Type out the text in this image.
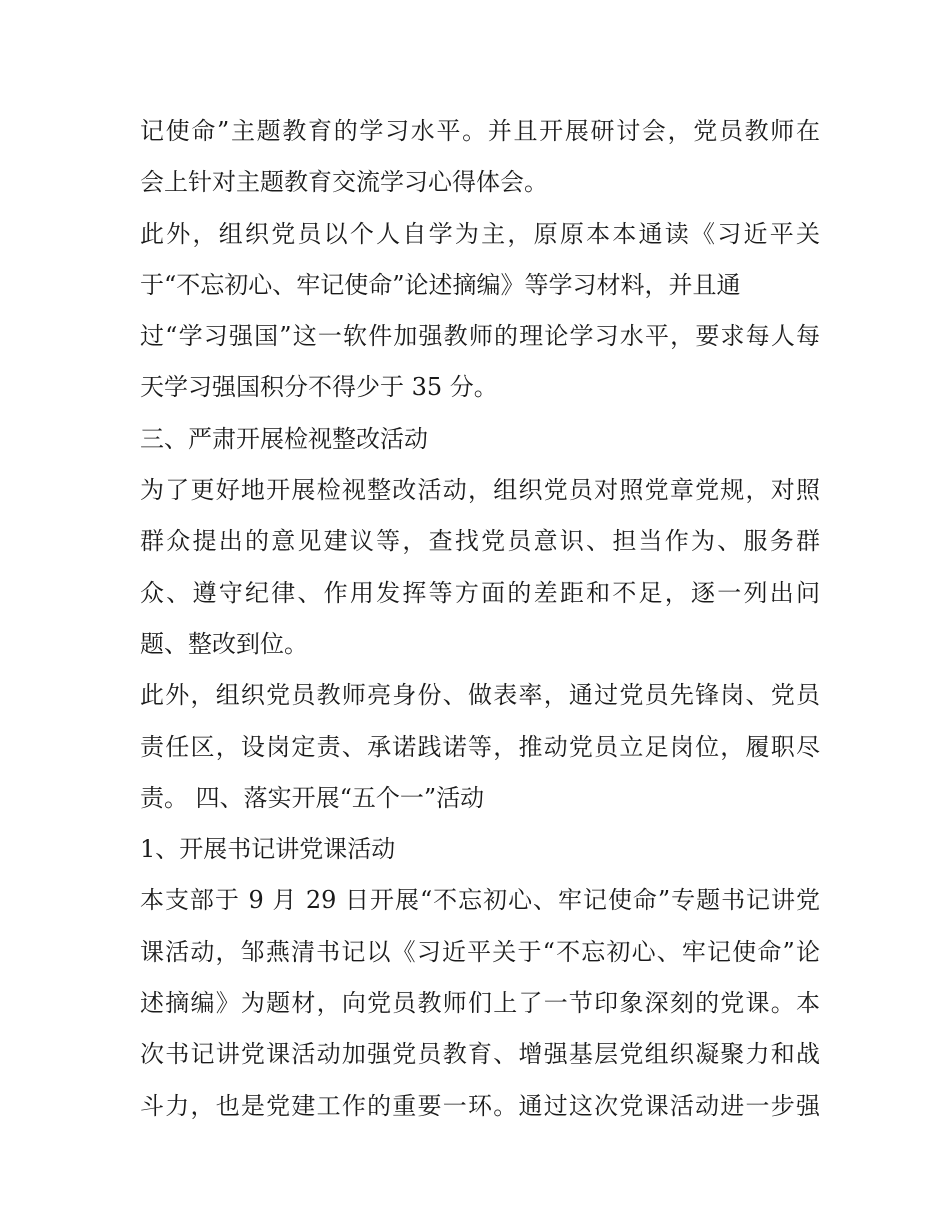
记使命”主题教育的学习水平。并且开展研讨会，党员教师在
会上针对主题教育交流学习心得体会。
此外，组织党员以个人自学为主，原原本本通读《习近平关
于“不忘初心、牢记使命”论述摘编》等学习材料，并且通
过“学习强国”这一软件加强教师的理论学习水平，要求每人每
天学习强国积分不得少于 35 分。
三、严肃开展检视整改活动
为了更好地开展检视整改活动，组织党员对照党章党规，对照
群众提出的意见建议等，查找党员意识、担当作为、服务群
众、遵守纪律、作用发挥等方面的差距和不足，逐一列出问
题、整改到位。
此外，组织党员教师亮身份、做表率，通过党员先锋岗、党员
责任区，设岗定责、承诺践诺等，推动党员立足岗位，履职尽
责。 四、落实开展“五个一”活动
1、开展书记讲党课活动
本支部于 9 月 29 日开展“不忘初心、牢记使命”专题书记讲党
课活动，邹燕清书记以《习近平关于“不忘初心、牢记使命”论
述摘编》为题材，向党员教师们上了一节印象深刻的党课。本
次书记讲党课活动加强党员教育、增强基层党组织凝聚力和战
斗力，也是党建工作的重要一环。通过这次党课活动进一步强
